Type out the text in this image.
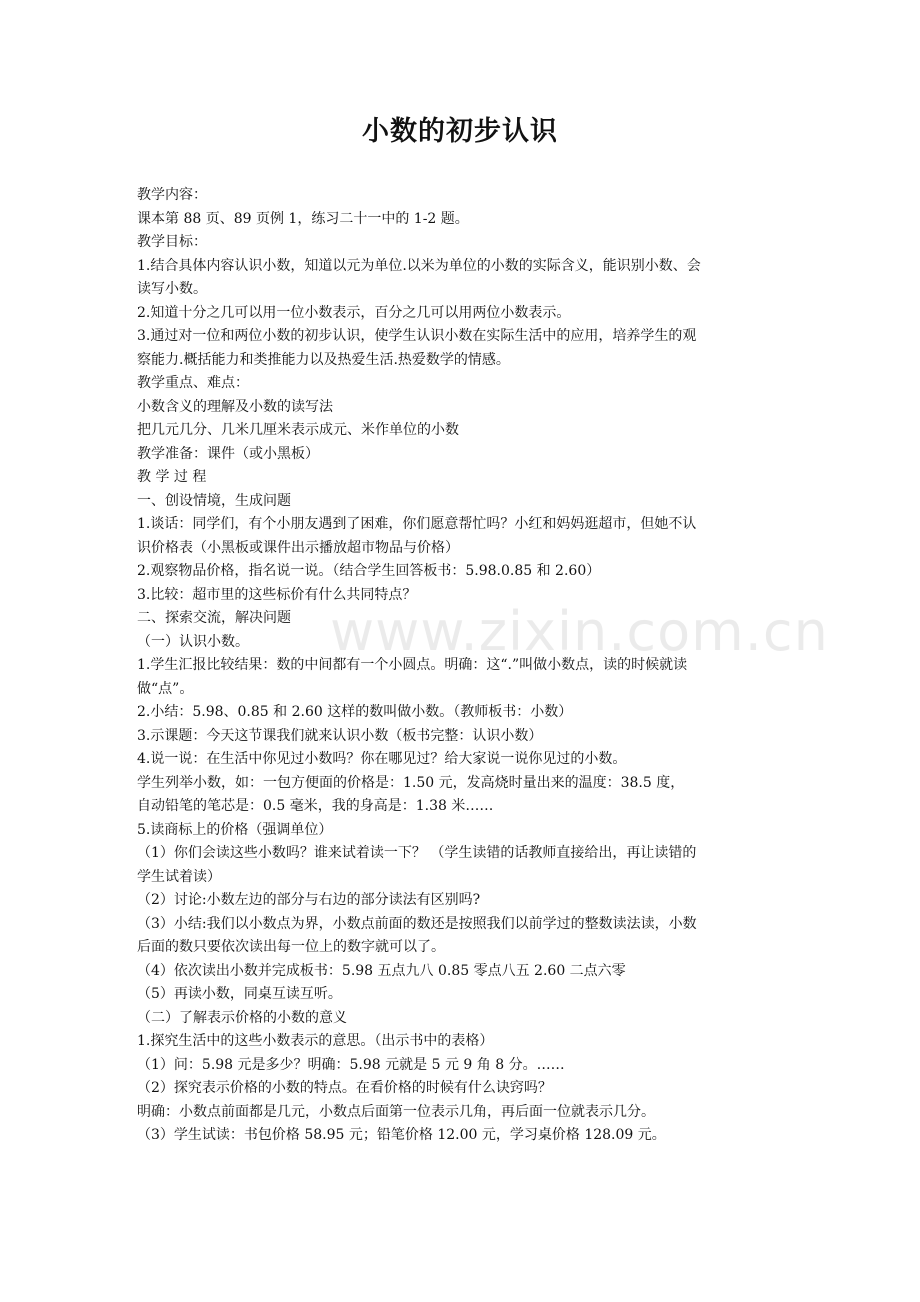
小数的初步认识
www.zixin.com.cn
教学内容：
课本第 88 页、89 页例 1，练习二十一中的 1-2 题。
教学目标：
1.结合具体内容认识小数，知道以元为单位.以米为单位的小数的实际含义，能识别小数、会
读写小数。
2.知道十分之几可以用一位小数表示，百分之几可以用两位小数表示。
3.通过对一位和两位小数的初步认识，使学生认识小数在实际生活中的应用，培养学生的观
察能力.概括能力和类推能力以及热爱生活.热爱数学的情感。
教学重点、难点：
小数含义的理解及小数的读写法
把几元几分、几米几厘米表示成元、米作单位的小数
教学准备：课件（或小黑板）
教 学 过 程
一、创设情境，生成问题
1.谈话：同学们，有个小朋友遇到了困难，你们愿意帮忙吗？小红和妈妈逛超市，但她不认
识价格表（小黑板或课件出示播放超市物品与价格）
2.观察物品价格，指名说一说。（结合学生回答板书：5.98.0.85 和 2.60）
3.比较：超市里的这些标价有什么共同特点？
二、探索交流，解决问题
（一）认识小数。
1.学生汇报比较结果：数的中间都有一个小圆点。明确：这“.”叫做小数点，读的时候就读
做“点”。
2.小结：5.98、0.85 和 2.60 这样的数叫做小数。（教师板书：小数）
3.示课题：今天这节课我们就来认识小数（板书完整：认识小数）
4.说一说：在生活中你见过小数吗？你在哪见过？给大家说一说你见过的小数。
学生列举小数，如：一包方便面的价格是：1.50 元，发高烧时量出来的温度：38.5 度，
自动铅笔的笔芯是：0.5 毫米，我的身高是：1.38 米……
5.读商标上的价格（强调单位）
（1）你们会读这些小数吗？谁来试着读一下？ （学生读错的话教师直接给出，再让读错的
学生试着读）
（2）讨论:小数左边的部分与右边的部分读法有区别吗?
（3）小结:我们以小数点为界，小数点前面的数还是按照我们以前学过的整数读法读，小数
后面的数只要依次读出每一位上的数字就可以了。
（4）依次读出小数并完成板书：5.98 五点九八 0.85 零点八五 2.60 二点六零
（5）再读小数，同桌互读互听。
（二）了解表示价格的小数的意义
1.探究生活中的这些小数表示的意思。（出示书中的表格）
（1）问：5.98 元是多少？明确：5.98 元就是 5 元 9 角 8 分。……
（2）探究表示价格的小数的特点。在看价格的时候有什么诀窍吗？
明确：小数点前面都是几元，小数点后面第一位表示几角，再后面一位就表示几分。
（3）学生试读：书包价格 58.95 元；铅笔价格 12.00 元，学习桌价格 128.09 元。
